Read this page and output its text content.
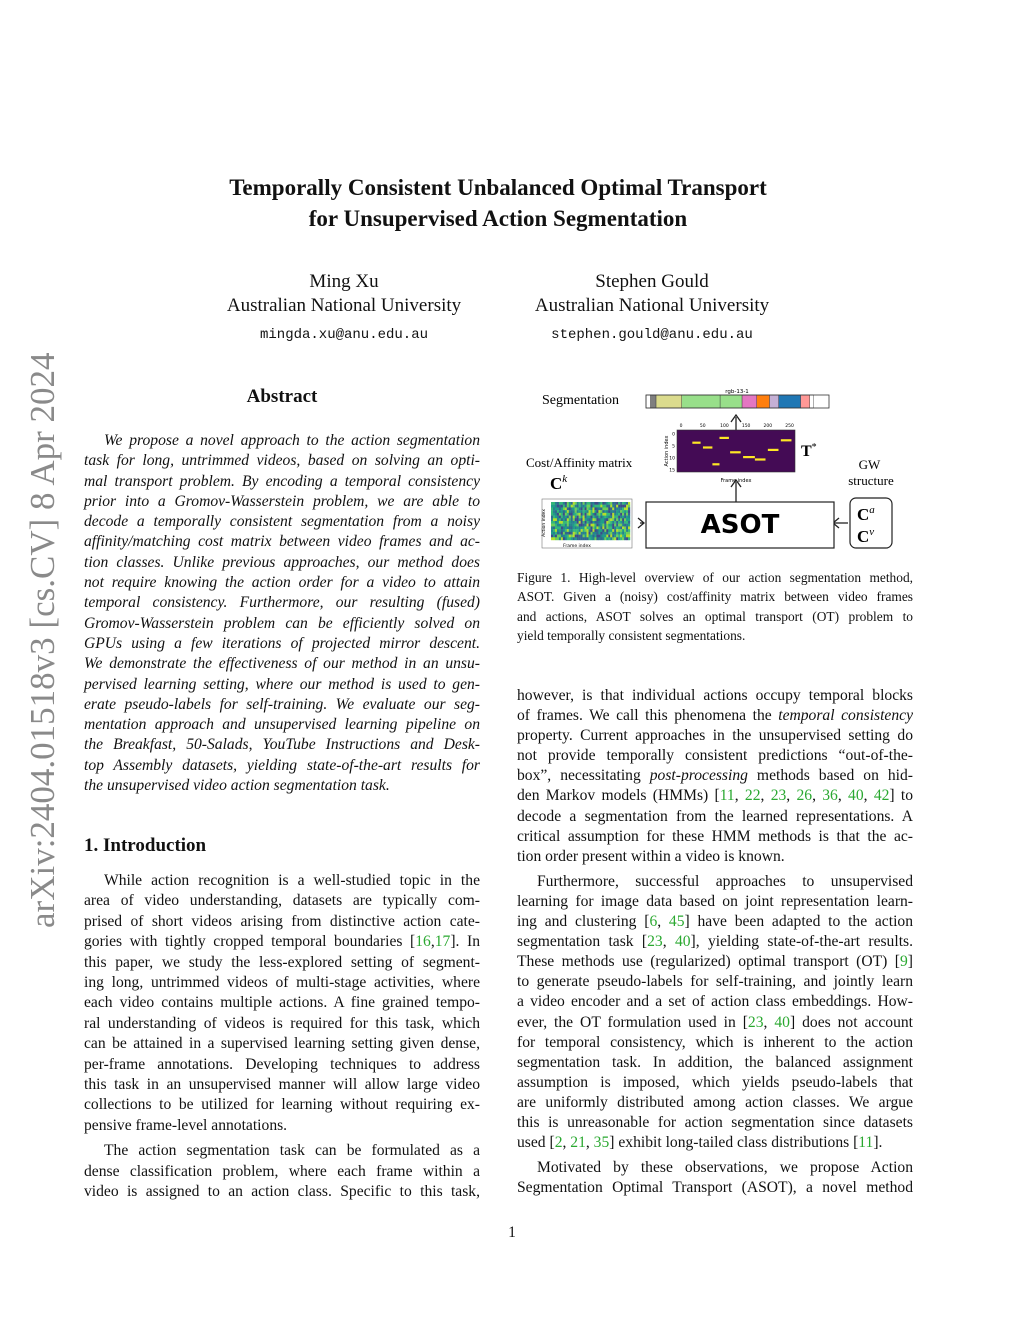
arXiv:2404.01518v3 [cs.CV] 8 Apr 2024
Temporally Consistent Unbalanced Optimal Transport
for Unsupervised Action Segmentation
Ming Xu
Australian National University
mingda.xu@anu.edu.au
Stephen Gould
Australian National University
stephen.gould@anu.edu.au
Abstract
We propose a novel approach to the action segmentation
task for long, untrimmed videos, based on solving an opti-
mal transport problem. By encoding a temporal consistency
prior into a Gromov-Wasserstein problem, we are able to
decode a temporally consistent segmentation from a noisy
affinity/matching cost matrix between video frames and ac-
tion classes. Unlike previous approaches, our method does
not require knowing the action order for a video to attain
temporal consistency. Furthermore, our resulting (fused)
Gromov-Wasserstein problem can be efficiently solved on
GPUs using a few iterations of projected mirror descent.
We demonstrate the effectiveness of our method in an unsu-
pervised learning setting, where our method is used to gen-
erate pseudo-labels for self-training. We evaluate our seg-
mentation approach and unsupervised learning pipeline on
the Breakfast, 50-Salads, YouTube Instructions and Desk-
top Assembly datasets, yielding state-of-the-art results for
the unsupervised video action segmentation task.
1. Introduction
While action recognition is a well-studied topic in the
area of video understanding, datasets are typically com-
prised of short videos arising from distinctive action cate-
gories with tightly cropped temporal boundaries [16,17]. In
this paper, we study the less-explored setting of segment-
ing long, untrimmed videos of multi-stage activities, where
each video contains multiple actions. A fine grained tempo-
ral understanding of videos is required for this task, which
can be attained in a supervised learning setting given dense,
per-frame annotations. Developing techniques to address
this task in an unsupervised manner will allow large video
collections to be utilized for learning without requiring ex-
pensive frame-level annotations.
The action segmentation task can be formulated as a
dense classification problem, where each frame within a
video is assigned to an action class. Specific to this task,
however, is that individual actions occupy temporal blocks
of frames. We call this phenomena the temporal consistency
property. Current approaches in the unsupervised setting do
not provide temporally consistent predictions “out-of-the-
box”, necessitating post-processing methods based on hid-
den Markov models (HMMs) [11, 22, 23, 26, 36, 40, 42] to
decode a segmentation from the learned representations. A
critical assumption for these HMM methods is that the ac-
tion order present within a video is known.
Furthermore, successful approaches to unsupervised
learning for image data based on joint representation learn-
ing and clustering [6, 45] have been adapted to the action
segmentation task [23, 40], yielding state-of-the-art results.
These methods use (regularized) optimal transport (OT) [9]
to generate pseudo-labels for self-training, and jointly learn
a video encoder and a set of action class embeddings. How-
ever, the OT formulation used in [23, 40] does not account
for temporal consistency, which is inherent to the action
segmentation task. In addition, the balanced assignment
assumption is imposed, which yields pseudo-labels that
are uniformly distributed among action classes. We argue
this is unreasonable for action segmentation since datasets
used [2, 21, 35] exhibit long-tailed class distributions [11].
Motivated by these observations, we propose Action
Segmentation Optimal Transport (ASOT), a novel method
Segmentation
rgb-13-1
Cost/Affinity matrix
$C^k$
Frame index
Action index
0	50	100	150	200	250
0
5
10
15
Frame index
Action index	T*
GW structure
ASOT	$C^a$
$C^v$
Figure 1. High-level overview of our action segmentation method,
ASOT. Given a (noisy) cost/affinity matrix between video frames
and actions, ASOT solves an optimal transport (OT) problem to
yield temporally consistent segmentations.
1
